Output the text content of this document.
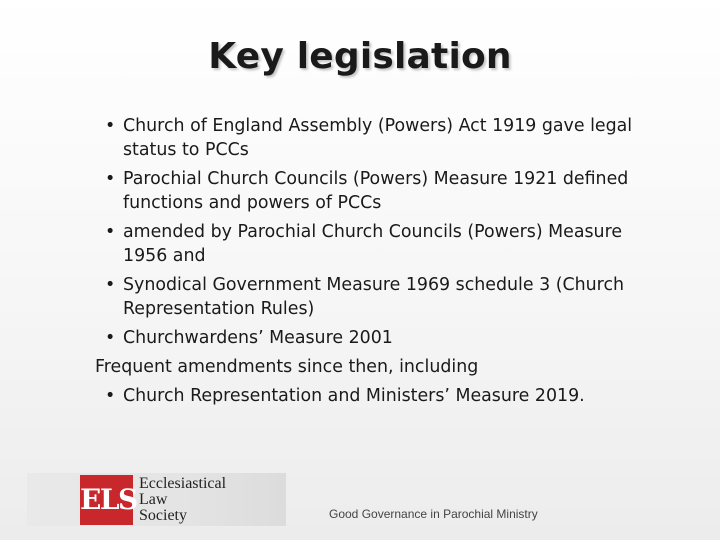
Key legislation
• Church of England Assembly (Powers) Act 1919 gave legal status to PCCs
• Parochial Church Councils (Powers) Measure 1921 defined functions and powers of PCCs
• amended by Parochial Church Councils (Powers) Measure 1956 and
• Synodical Government Measure 1969 schedule 3 (Church Representation Rules)
• Churchwardens’ Measure 2001
Frequent amendments since then, including
• Church Representation and Ministers’ Measure 2019.
ELS Ecclesiastical
Law
Society	Good Governance in Parochial Ministry
